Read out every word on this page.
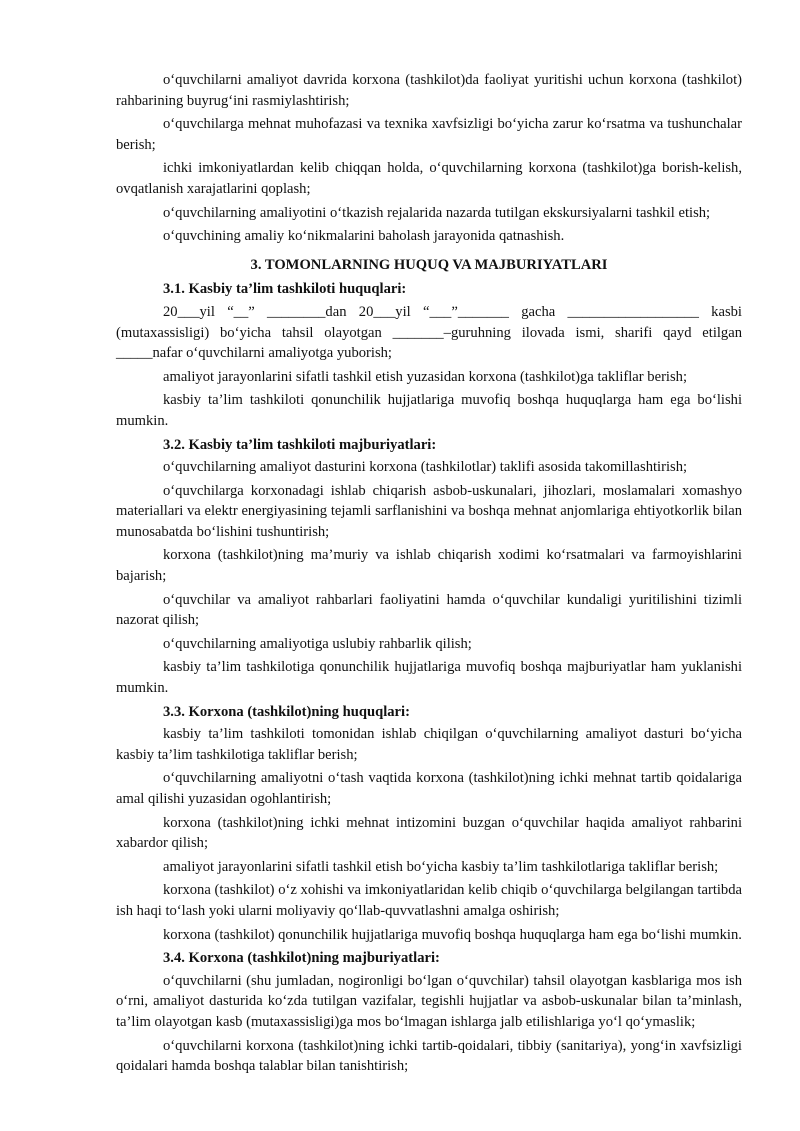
o‘quvchilarni amaliyot davrida korxona (tashkilot)da faoliyat yuritishi uchun korxona (tashkilot) rahbarining buyrug‘ini rasmiylashtirish;

o‘quvchilarga mehnat muhofazasi va texnika xavfsizligi bo‘yicha zarur ko‘rsatma va tushunchalar berish;

ichki imkoniyatlardan kelib chiqqan holda, o‘quvchilarning korxona (tashkilot)ga borish-kelish, ovqatlanish xarajatlarini qoplash;

o‘quvchilarning amaliyotini o‘tkazish rejalarida nazarda tutilgan ekskursiyalarni tashkil etish;

o‘quvchining amaliy ko‘nikmalarini baholash jarayonida qatnashish.

3. TOMONLARNING HUQUQ VA MAJBURIYATLARI
3.1. Kasbiy ta’lim tashkiloti huquqlari:

20___yil “__” ________dan 20___yil “___”_______ gacha __________________ kasbi (mutaxassisligi) bo‘yicha tahsil olayotgan _______–guruhning ilovada ismi, sharifi qayd etilgan _____nafar o‘quvchilarni amaliyotga yuborish;

amaliyot jarayonlarini sifatli tashkil etish yuzasidan korxona (tashkilot)ga takliflar berish;

kasbiy ta’lim tashkiloti qonunchilik hujjatlariga muvofiq boshqa huquqlarga ham ega bo‘lishi mumkin.

3.2. Kasbiy ta’lim tashkiloti majburiyatlari:

o‘quvchilarning amaliyot dasturini korxona (tashkilotlar) taklifi asosida takomillashtirish;

o‘quvchilarga korxonadagi ishlab chiqarish asbob-uskunalari, jihozlari, moslamalari xomashyo materiallari va elektr energiyasining tejamli sarflanishini va boshqa mehnat anjomlariga ehtiyotkorlik bilan munosabatda bo‘lishini tushuntirish;

korxona (tashkilot)ning ma’muriy va ishlab chiqarish xodimi ko‘rsatmalari va farmoyishlarini bajarish;

o‘quvchilar va amaliyot rahbarlari faoliyatini hamda o‘quvchilar kundaligi yuritilishini tizimli nazorat qilish;

o‘quvchilarning amaliyotiga uslubiy rahbarlik qilish;

kasbiy ta’lim tashkilotiga qonunchilik hujjatlariga muvofiq boshqa majburiyatlar ham yuklanishi mumkin.

3.3. Korxona (tashkilot)ning huquqlari:

kasbiy ta’lim tashkiloti tomonidan ishlab chiqilgan o‘quvchilarning amaliyot dasturi bo‘yicha kasbiy ta’lim tashkilotiga takliflar berish;

o‘quvchilarning amaliyotni o‘tash vaqtida korxona (tashkilot)ning ichki mehnat tartib qoidalariga amal qilishi yuzasidan ogohlantirish;

korxona (tashkilot)ning ichki mehnat intizomini buzgan o‘quvchilar haqida amaliyot rahbarini xabardor qilish;

amaliyot jarayonlarini sifatli tashkil etish bo‘yicha kasbiy ta’lim tashkilotlariga takliflar berish;

korxona (tashkilot) o‘z xohishi va imkoniyatlaridan kelib chiqib o‘quvchilarga belgilangan tartibda ish haqi to‘lash yoki ularni moliyaviy qo‘llab-quvvatlashni amalga oshirish;

korxona (tashkilot) qonunchilik hujjatlariga muvofiq boshqa huquqlarga ham ega bo‘lishi mumkin.

3.4. Korxona (tashkilot)ning majburiyatlari:

o‘quvchilarni (shu jumladan, nogironligi bo‘lgan o‘quvchilar) tahsil olayotgan kasblariga mos ish o‘rni, amaliyot dasturida ko‘zda tutilgan vazifalar, tegishli hujjatlar va asbob-uskunalar bilan ta’minlash, ta’lim olayotgan kasb (mutaxassisligi)ga mos bo‘lmagan ishlarga jalb etilishlariga yo‘l qo‘ymaslik;

o‘quvchilarni korxona (tashkilot)ning ichki tartib-qoidalari, tibbiy (sanitariya), yong‘in xavfsizligi qoidalari hamda boshqa talablar bilan tanishtirish;
